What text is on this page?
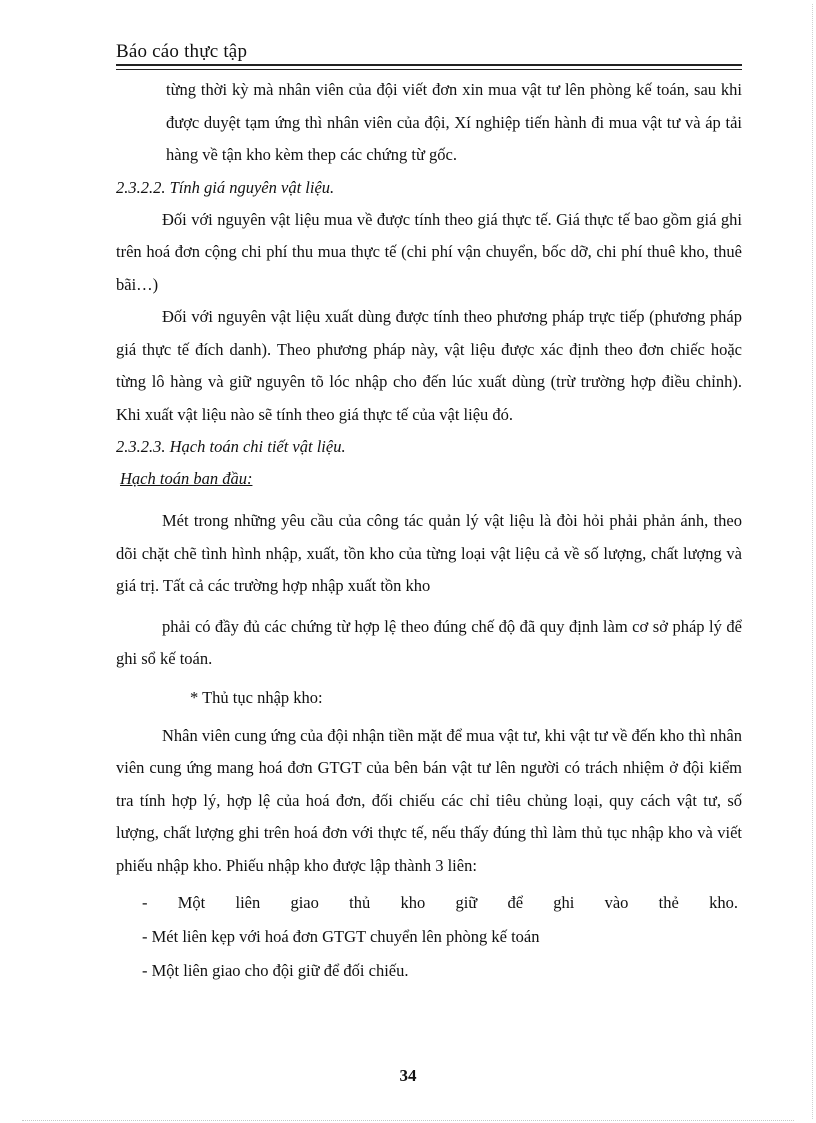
Báo cáo thực tập

từng thời kỳ mà nhân viên của đội viết đơn xin mua vật tư lên phòng kế toán, sau khi được duyệt tạm ứng thì nhân viên của đội, Xí nghiệp tiến hành đi mua vật tư và áp tải hàng về tận kho kèm thep các chứng từ gốc.

2.3.2.2. Tính giá nguyên vật liệu.

Đối với nguyên vật liệu mua về được tính theo giá thực tế. Giá thực tế bao gồm giá ghi trên hoá đơn cộng chi phí thu mua thực tế (chi phí vận chuyển, bốc dỡ, chi phí thuê kho, thuê bãi…)

Đối với nguyên vật liệu xuất dùng được tính theo phương pháp trực tiếp (phương pháp giá thực tế đích danh). Theo phương pháp này, vật liệu được xác định theo đơn chiếc hoặc từng lô hàng và giữ nguyên tõ lóc nhập cho đến lúc xuất dùng (trừ trường hợp điều chỉnh). Khi xuất vật liệu nào sẽ tính theo giá thực tế của vật liệu đó.

2.3.2.3. Hạch toán chi tiết vật liệu.

Hạch toán ban đầu:

Mét trong những yêu cầu của công tác quản lý vật liệu là đòi hỏi phải phản ánh, theo dõi chặt chẽ tình hình nhập, xuất, tồn kho của từng loại vật liệu cả về số lượng, chất lượng và giá trị. Tất cả các trường hợp nhập xuất tồn kho

phải có đầy đủ các chứng từ hợp lệ theo đúng chế độ đã quy định làm cơ sở pháp lý để ghi sổ kế toán.

* Thủ tục nhập kho:

Nhân viên cung ứng của đội nhận tiền mặt để mua vật tư, khi vật tư về đến kho thì nhân viên cung ứng mang hoá đơn GTGT của bên bán vật tư lên người có trách nhiệm ở đội kiểm tra tính hợp lý, hợp lệ của hoá đơn, đối chiếu các chỉ tiêu chủng loại, quy cách vật tư, số lượng, chất lượng ghi trên hoá đơn với thực tế, nếu thấy đúng thì làm thủ tục nhập kho và viết phiếu nhập kho. Phiếu nhập kho được lập thành 3 liên:

- Một liên giao thủ kho giữ để ghi vào thẻ kho.

- Mét liên kẹp với hoá đơn GTGT chuyển lên phòng kế toán

- Một liên giao cho đội giữ để đối chiếu.

34
